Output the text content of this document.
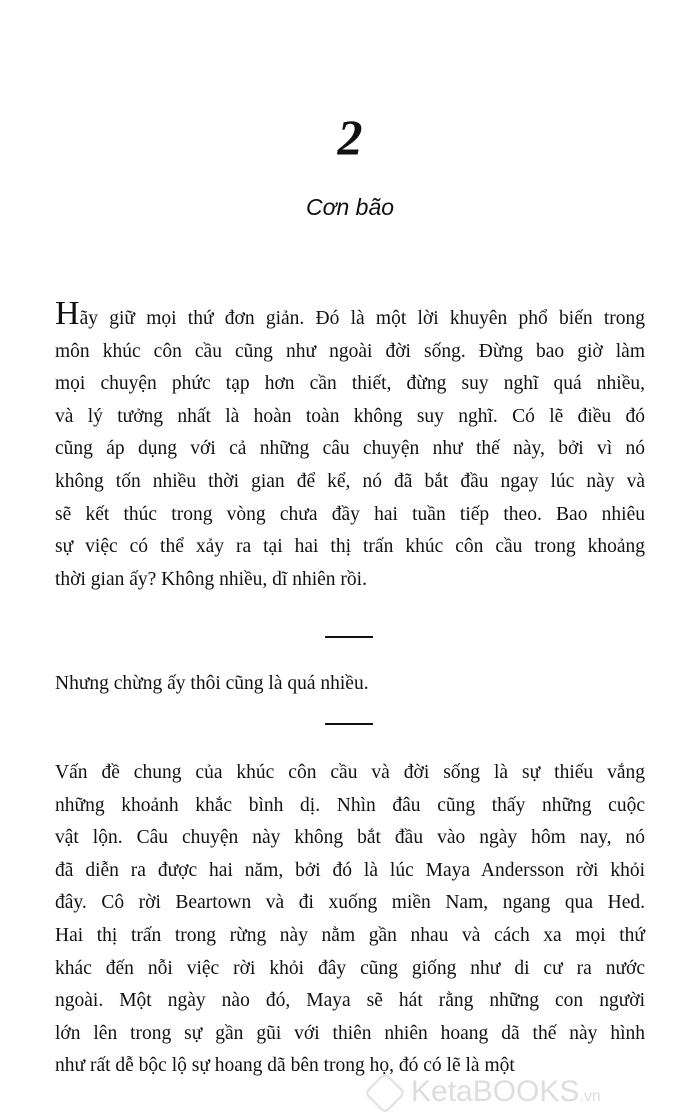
2
Cơn bão
Hãy giữ mọi thứ đơn giản. Đó là một lời khuyên phổ biến trong
môn khúc côn cầu cũng như ngoài đời sống. Đừng bao giờ làm
mọi chuyện phức tạp hơn cần thiết, đừng suy nghĩ quá nhiều,
và lý tưởng nhất là hoàn toàn không suy nghĩ. Có lẽ điều đó
cũng áp dụng với cả những câu chuyện như thế này, bởi vì nó
không tốn nhiều thời gian để kể, nó đã bắt đầu ngay lúc này và
sẽ kết thúc trong vòng chưa đầy hai tuần tiếp theo. Bao nhiêu
sự việc có thể xảy ra tại hai thị trấn khúc côn cầu trong khoảng
thời gian ấy? Không nhiều, dĩ nhiên rồi.
Nhưng chừng ấy thôi cũng là quá nhiều.
Vấn đề chung của khúc côn cầu và đời sống là sự thiếu vắng
những khoảnh khắc bình dị. Nhìn đâu cũng thấy những cuộc
vật lộn. Câu chuyện này không bắt đầu vào ngày hôm nay, nó
đã diễn ra được hai năm, bởi đó là lúc Maya Andersson rời khỏi
đây. Cô rời Beartown và đi xuống miền Nam, ngang qua Hed.
Hai thị trấn trong rừng này nằm gần nhau và cách xa mọi thứ
khác đến nỗi việc rời khỏi đây cũng giống như di cư ra nước
ngoài. Một ngày nào đó, Maya sẽ hát rằng những con người
lớn lên trong sự gần gũi với thiên nhiên hoang dã thế này hình
như rất dễ bộc lộ sự hoang dã bên trong họ, đó có lẽ là một
KetaBOOKS.vn
